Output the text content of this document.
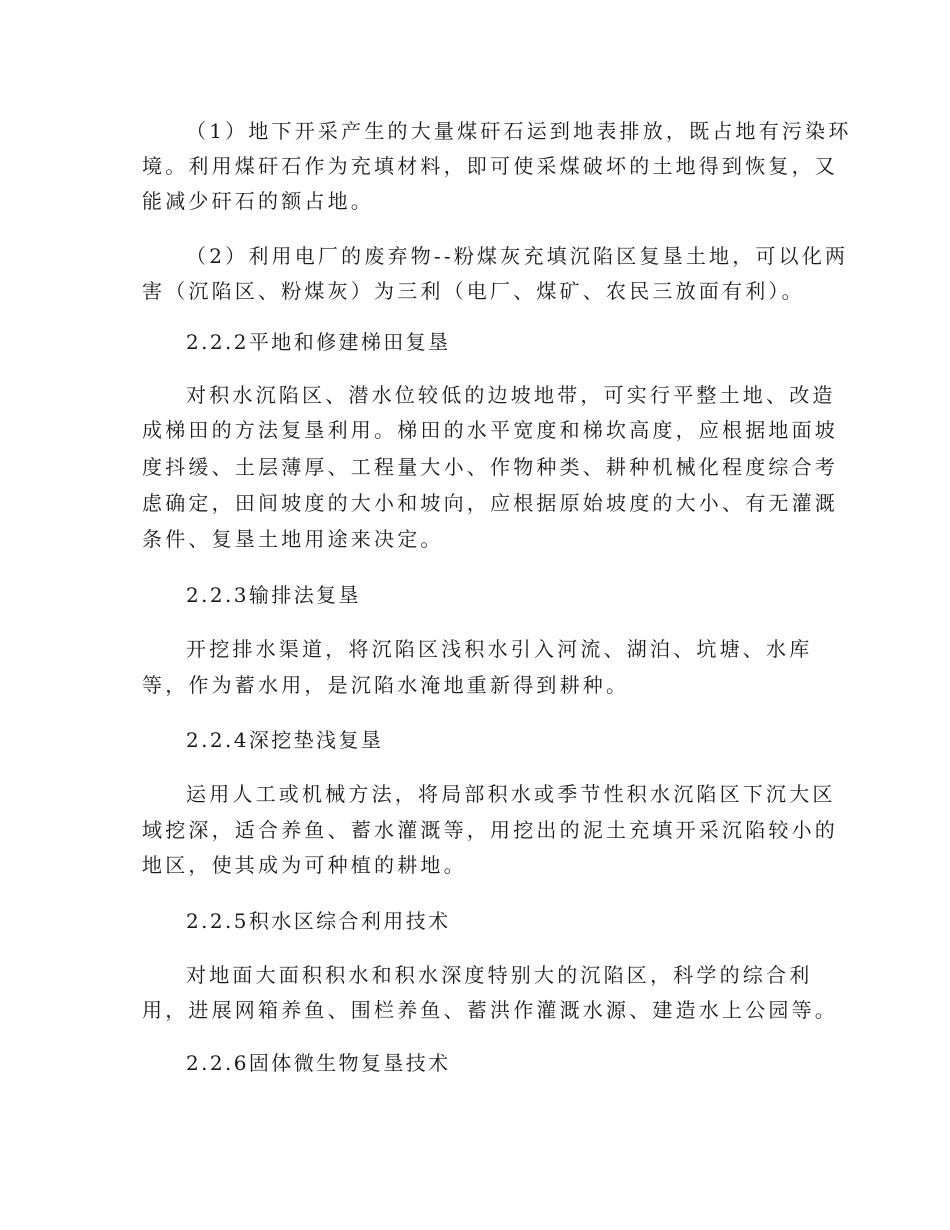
（1）地下开采产生的大量煤矸石运到地表排放，既占地有污染环
境。利用煤矸石作为充填材料，即可使采煤破坏的土地得到恢复，又
能减少矸石的额占地。
（2）利用电厂的废弃物--粉煤灰充填沉陷区复垦土地，可以化两
害（沉陷区、粉煤灰）为三利（电厂、煤矿、农民三放面有利）。
2.2.2平地和修建梯田复垦
对积水沉陷区、潜水位较低的边坡地带，可实行平整土地、改造
成梯田的方法复垦利用。梯田的水平宽度和梯坎高度，应根据地面坡
度抖缓、土层薄厚、工程量大小、作物种类、耕种机械化程度综合考
虑确定，田间坡度的大小和坡向，应根据原始坡度的大小、有无灌溉
条件、复垦土地用途来决定。
2.2.3输排法复垦
开挖排水渠道，将沉陷区浅积水引入河流、湖泊、坑塘、水库
等，作为蓄水用，是沉陷水淹地重新得到耕种。
2.2.4深挖垫浅复垦
运用人工或机械方法，将局部积水或季节性积水沉陷区下沉大区
域挖深，适合养鱼、蓄水灌溉等，用挖出的泥土充填开采沉陷较小的
地区，使其成为可种植的耕地。
2.2.5积水区综合利用技术
对地面大面积积水和积水深度特别大的沉陷区，科学的综合利
用，进展网箱养鱼、围栏养鱼、蓄洪作灌溉水源、建造水上公园等。
2.2.6固体微生物复垦技术
